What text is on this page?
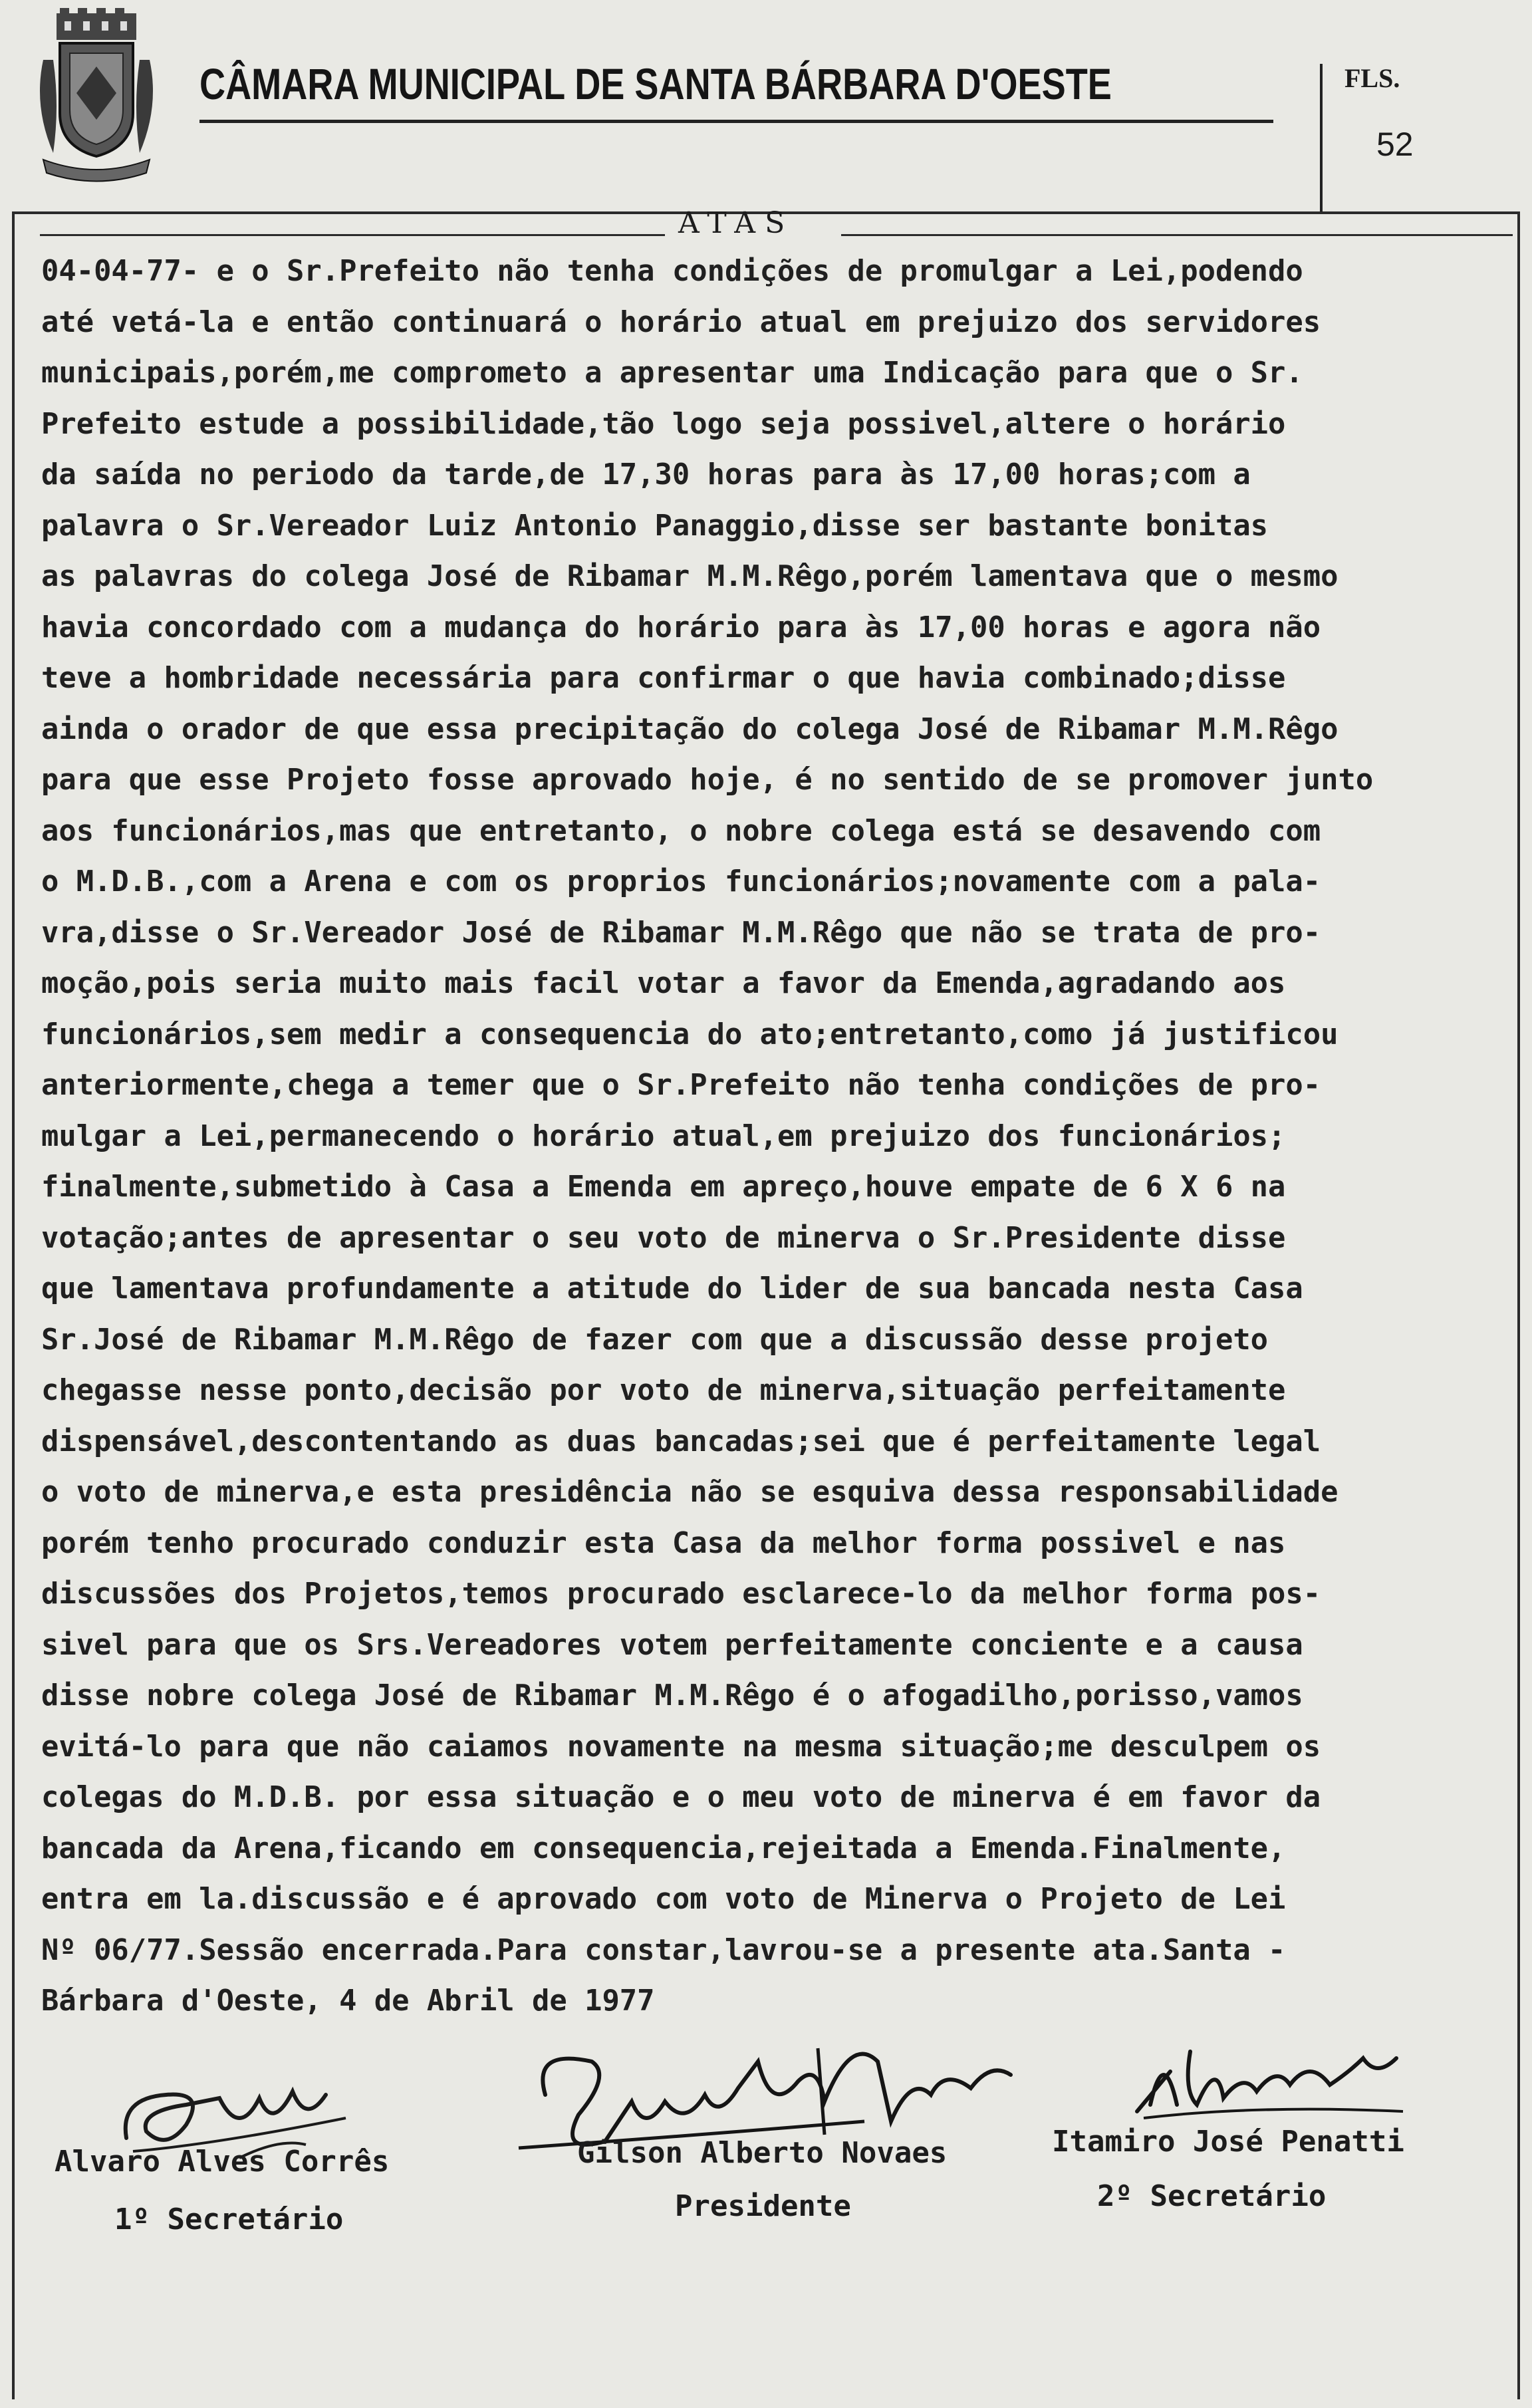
CÂMARA MUNICIPAL DE SANTA BÁRBARA D'OESTE	FLS.
52
ATAS
04-04-77- e o Sr.Prefeito não tenha condições de promulgar a Lei,podendo
até vetá-la e então continuará o horário atual em prejuizo dos servidores
municipais,porém,me comprometo a apresentar uma Indicação para que o Sr.
Prefeito estude a possibilidade,tão logo seja possivel,altere o horário
da saída no periodo da tarde,de 17,30 horas para às 17,00 horas;com a
palavra o Sr.Vereador Luiz Antonio Panaggio,disse ser bastante bonitas
as palavras do colega José de Ribamar M.M.Rêgo,porém lamentava que o mesmo
havia concordado com a mudança do horário para às 17,00 horas e agora não
teve a hombridade necessária para confirmar o que havia combinado;disse
ainda o orador de que essa precipitação do colega José de Ribamar M.M.Rêgo
para que esse Projeto fosse aprovado hoje, é no sentido de se promover junto
aos funcionários,mas que entretanto, o nobre colega está se desavendo com
o M.D.B.,com a Arena e com os proprios funcionários;novamente com a pala-
vra,disse o Sr.Vereador José de Ribamar M.M.Rêgo que não se trata de pro-
moção,pois seria muito mais facil votar a favor da Emenda,agradando aos
funcionários,sem medir a consequencia do ato;entretanto,como já justificou
anteriormente,chega a temer que o Sr.Prefeito não tenha condições de pro-
mulgar a Lei,permanecendo o horário atual,em prejuizo dos funcionários;
finalmente,submetido à Casa a Emenda em apreço,houve empate de 6 X 6 na
votação;antes de apresentar o seu voto de minerva o Sr.Presidente disse
que lamentava profundamente a atitude do lider de sua bancada nesta Casa
Sr.José de Ribamar M.M.Rêgo de fazer com que a discussão desse projeto
chegasse nesse ponto,decisão por voto de minerva,situação perfeitamente
dispensável,descontentando as duas bancadas;sei que é perfeitamente legal
o voto de minerva,e esta presidência não se esquiva dessa responsabilidade
porém tenho procurado conduzir esta Casa da melhor forma possivel e nas
discussões dos Projetos,temos procurado esclarece-lo da melhor forma pos-
sivel para que os Srs.Vereadores votem perfeitamente conciente e a causa
disse nobre colega José de Ribamar M.M.Rêgo é o afogadilho,porisso,vamos
evitá-lo para que não caiamos novamente na mesma situação;me desculpem os
colegas do M.D.B. por essa situação e o meu voto de minerva é em favor da
bancada da Arena,ficando em consequencia,rejeitada a Emenda.Finalmente,
entra em la.discussão e é aprovado com voto de Minerva o Projeto de Lei
Nº 06/77.Sessão encerrada.Para constar,lavrou-se a presente ata.Santa -
Bárbara d'Oeste, 4 de Abril de 1977
Alvaro Alves Corrês
1º Secretário
Gilson Alberto Novaes
Presidente
Itamiro José Penatti
2º Secretário
